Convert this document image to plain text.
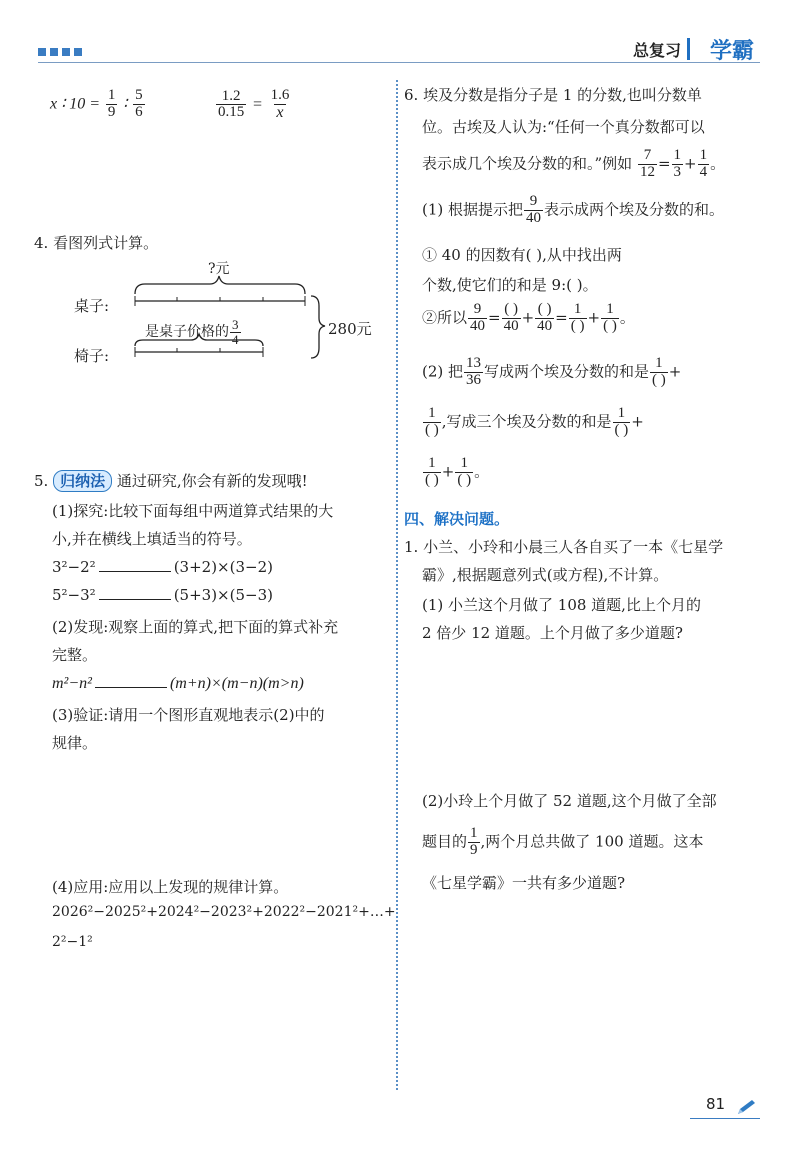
总复习 学霸
x ∶ $10 = \frac{1}{9}$ ∶ $\frac{5}{6}$	$\frac{1.2}{0.15} = \frac{1.6}{x}$
4. 看图列式计算。
?元
桌子:
椅子:
是桌子价格的 $\frac{3}{4}$	280元
5. 归纳法 通过研究,你会有新的发现哦!
(1)探究:比较下面每组中两道算式结果的大
小,并在横线上填适当的符号。
3²−2²	(3+2)×(3−2)
5²−3²	(5+3)×(5−3)
(2)发现:观察上面的算式,把下面的算式补充
完整。
m²−n²	(m+n)×(m−n)(m>n)
(3)验证:请用一个图形直观地表示(2)中的
规律。
(4)应用:应用以上发现的规律计算。
2026²−2025²+2024²−2023²+2022²−2021²+…+
2²−1²
6. 埃及分数是指分子是 1 的分数,也叫分数单
位。古埃及人认为:“任何一个真分数都可以
表示成几个埃及分数的和。”例如 $\frac{7}{12} = \frac{1}{3} + \frac{1}{4}$ 。
(1) 根据提示把 $\frac{9}{40}$ 表示成两个埃及分数的和。
① 40 的因数有( ),从中找出两
个数,使它们的和是 9:( )。
②所以 $\frac{9}{40} = \frac{( )}{40} + \frac{( )}{40} = \frac{1}{( )} + \frac{1}{( )}$ 。
(2) 把 $\frac{13}{36}$ 写成两个埃及分数的和是 $\frac{1}{( )}$ +
$\frac{1}{( )}$ ,写成三个埃及分数的和是 $\frac{1}{( )}$ +
$\frac{1}{( )} + \frac{1}{( )}$ 。
四、解决问题。
1. 小兰、小玲和小晨三人各自买了一本《七星学
霸》,根据题意列式(或方程),不计算。
(1) 小兰这个月做了 108 道题,比上个月的
2 倍少 12 道题。上个月做了多少道题?
(2)小玲上个月做了 52 道题,这个月做了全部
题目的 $\frac{1}{9}$ ,两个月总共做了 100 道题。这本
《七星学霸》一共有多少道题?
81
